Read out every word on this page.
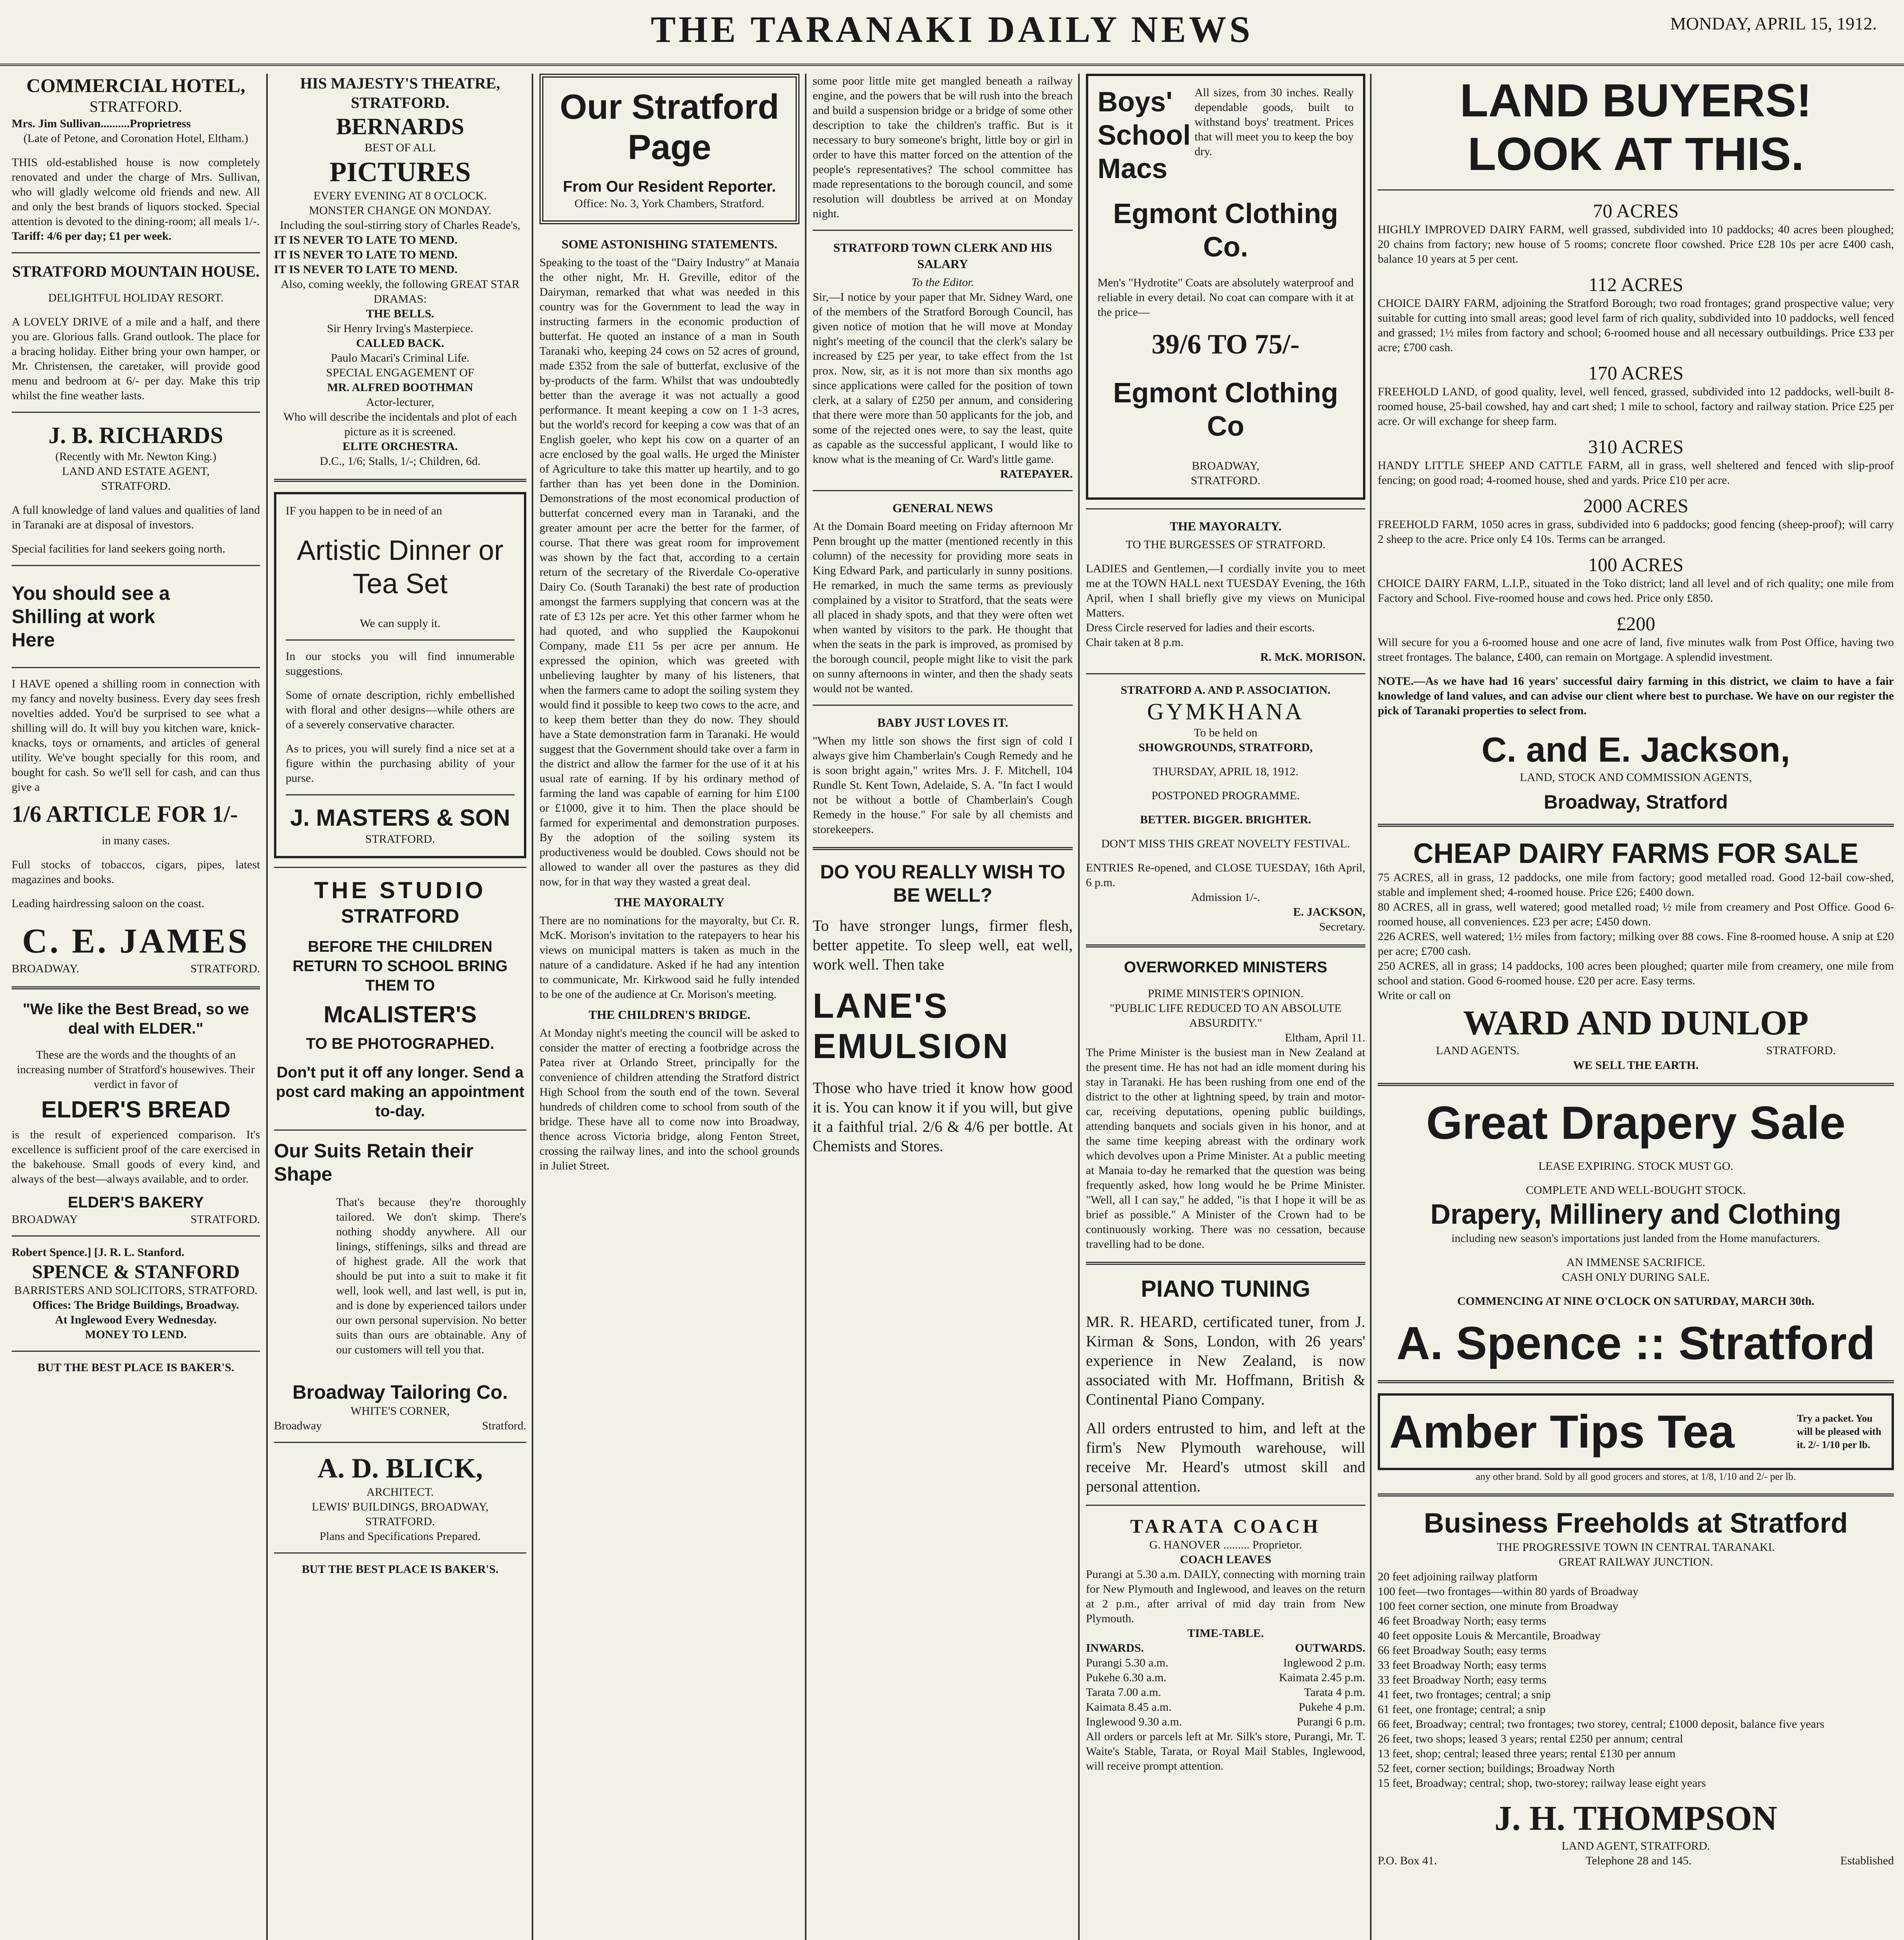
THE TARANAKI DAILY NEWS	MONDAY, APRIL 15, 1912.
COMMERCIAL HOTEL,
STRATFORD.
Mrs. Jim Sullivan..........Proprietress
(Late of Petone, and Coronation Hotel, Eltham.)

THIS old-established house is now completely renovated and under the charge of Mrs. Sullivan, who will gladly welcome old friends and new. All and only the best brands of liquors stocked. Special attention is devoted to the dining-room; all meals 1/-.

Tariff: 4/6 per day; £1 per week.

STRATFORD MOUNTAIN HOUSE.
DELIGHTFUL HOLIDAY RESORT.

A LOVELY DRIVE of a mile and a half, and there you are. Glorious falls. Grand outlook. The place for a bracing holiday. Either bring your own hamper, or Mr. Christensen, the caretaker, will provide good menu and bedroom at 6/- per day. Make this trip whilst the fine weather lasts.

J. B. RICHARDS
(Recently with Mr. Newton King.)
LAND AND ESTATE AGENT,
STRATFORD.

A full knowledge of land values and qualities of land in Taranaki are at disposal of investors.

Special facilities for land seekers going north.

You should see a Shilling at work Here

I HAVE opened a shilling room in connection with my fancy and novelty business. Every day sees fresh novelties added. You'd be surprised to see what a shilling will do. It will buy you kitchen ware, knick-knacks, toys or ornaments, and articles of general utility. We've bought specially for this room, and bought for cash. So we'll sell for cash, and can thus give a

1/6 ARTICLE FOR 1/-
in many cases.

Full stocks of tobaccos, cigars, pipes, latest magazines and books.

Leading hairdressing saloon on the coast.

C. E. JAMES
BROADWAY.	STRATFORD.
"We like the Best Bread, so we deal with ELDER."

These are the words and the thoughts of an increasing number of Stratford's housewives. Their verdict in favor of

ELDER'S BREAD

is the result of experienced comparison. It's excellence is sufficient proof of the care exercised in the bakehouse. Small goods of every kind, and always of the best—always available, and to order.

ELDER'S BAKERY
BROADWAY	STRATFORD.
Robert Spence.] [J. R. L. Stanford.
SPENCE & STANFORD
BARRISTERS AND SOLICITORS, STRATFORD.
Offices: The Bridge Buildings, Broadway.
At Inglewood Every Wednesday.
MONEY TO LEND.
BUT THE BEST PLACE IS BAKER'S.
HIS MAJESTY'S THEATRE, STRATFORD.
BERNARDS
BEST OF ALL
PICTURES
EVERY EVENING AT 8 O'CLOCK.
MONSTER CHANGE ON MONDAY.
Including the soul-stirring story of Charles Reade's,
IT IS NEVER TO LATE TO MEND.
IT IS NEVER TO LATE TO MEND.
IT IS NEVER TO LATE TO MEND.
Also, coming weekly, the following GREAT STAR DRAMAS:
THE BELLS.
Sir Henry Irving's Masterpiece.
CALLED BACK.
Paulo Macari's Criminal Life.
SPECIAL ENGAGEMENT OF
MR. ALFRED BOOTHMAN
Actor-lecturer,

Who will describe the incidentals and plot of each picture as it is screened.

ELITE ORCHESTRA.
D.C., 1/6; Stalls, 1/-; Children, 6d.
IF you happen to be in need of an
Artistic Dinner or Tea Set
We can supply it.

In our stocks you will find innumerable suggestions.

Some of ornate description, richly embellished with floral and other designs—while others are of a severely conservative character.

As to prices, you will surely find a nice set at a figure within the purchasing ability of your purse.

J. MASTERS & SON
STRATFORD.
THE STUDIO
STRATFORD
BEFORE THE CHILDREN RETURN TO SCHOOL BRING THEM TO
McALISTER'S
TO BE PHOTOGRAPHED.
Don't put it off any longer. Send a post card making an appointment to-day.
Our Suits Retain their Shape

That's because they're thoroughly tailored. We don't skimp. There's nothing shoddy anywhere. All our linings, stiffenings, silks and thread are of highest grade. All the work that should be put into a suit to make it fit well, look well, and last well, is put in, and is done by experienced tailors under our own personal supervision. No better suits than ours are obtainable. Any of our customers will tell you that.

Broadway Tailoring Co.
WHITE'S CORNER,
Broadway	Stratford.
A. D. BLICK,
ARCHITECT.
LEWIS' BUILDINGS, BROADWAY,
STRATFORD.
Plans and Specifications Prepared.
BUT THE BEST PLACE IS BAKER'S.
Our Stratford Page
From Our Resident Reporter.
Office: No. 3, York Chambers, Stratford.
SOME ASTONISHING STATEMENTS.

Speaking to the toast of the "Dairy Industry" at Manaia the other night, Mr. H. Greville, editor of the Dairyman, remarked that what was needed in this country was for the Government to lead the way in instructing farmers in the economic production of butterfat. He quoted an instance of a man in South Taranaki who, keeping 24 cows on 52 acres of ground, made £352 from the sale of butterfat, exclusive of the by-products of the farm. Whilst that was undoubtedly better than the average it was not actually a good performance. It meant keeping a cow on 1 1-3 acres, but the world's record for keeping a cow was that of an English goeler, who kept his cow on a quarter of an acre enclosed by the goal walls. He urged the Minister of Agriculture to take this matter up heartily, and to go farther than has yet been done in the Dominion. Demonstrations of the most economical production of butterfat concerned every man in Taranaki, and the greater amount per acre the better for the farmer, of course. That there was great room for improvement was shown by the fact that, according to a certain return of the secretary of the Riverdale Co-operative Dairy Co. (South Taranaki) the best rate of production amongst the farmers supplying that concern was at the rate of £3 12s per acre. Yet this other farmer whom he had quoted, and who supplied the Kaupokonui Company, made £11 5s per acre per annum. He expressed the opinion, which was greeted with unbelieving laughter by many of his listeners, that when the farmers came to adopt the soiling system they would find it possible to keep two cows to the acre, and to keep them better than they do now. They should have a State demonstration farm in Taranaki. He would suggest that the Government should take over a farm in the district and allow the farmer for the use of it at his usual rate of earning. If by his ordinary method of farming the land was capable of earning for him £100 or £1000, give it to him. Then the place should be farmed for experimental and demonstration purposes. By the adoption of the soiling system its productiveness would be doubled. Cows should not be allowed to wander all over the pastures as they did now, for in that way they wasted a great deal.

THE MAYORALTY

There are no nominations for the mayoralty, but Cr. R. McK. Morison's invitation to the ratepayers to hear his views on municipal matters is taken as much in the nature of a candidature. Asked if he had any intention to communicate, Mr. Kirkwood said he fully intended to be one of the audience at Cr. Morison's meeting.

THE CHILDREN'S BRIDGE.

At Monday night's meeting the council will be asked to consider the matter of erecting a footbridge across the Patea river at Orlando Street, principally for the convenience of children attending the Stratford district High School from the south end of the town. Several hundreds of children come to school from south of the bridge. These have all to come now into Broadway, thence across Victoria bridge, along Fenton Street, crossing the railway lines, and into the school grounds in Juliet Street.

some poor little mite get mangled beneath a railway engine, and the powers that be will rush into the breach and build a suspension bridge or a bridge of some other description to take the children's traffic. But is it necessary to bury someone's bright, little boy or girl in order to have this matter forced on the attention of the people's representatives? The school committee has made representations to the borough council, and some resolution will doubtless be arrived at on Monday night.

STRATFORD TOWN CLERK AND HIS SALARY
To the Editor.

Sir,—I notice by your paper that Mr. Sidney Ward, one of the members of the Stratford Borough Council, has given notice of motion that he will move at Monday night's meeting of the council that the clerk's salary be increased by £25 per year, to take effect from the 1st prox. Now, sir, as it is not more than six months ago since applications were called for the position of town clerk, at a salary of £250 per annum, and considering that there were more than 50 applicants for the job, and some of the rejected ones were, to say the least, quite as capable as the successful applicant, I would like to know what is the meaning of Cr. Ward's little game.

RATEPAYER.
GENERAL NEWS

At the Domain Board meeting on Friday afternoon Mr Penn brought up the matter (mentioned recently in this column) of the necessity for providing more seats in King Edward Park, and particularly in sunny positions. He remarked, in much the same terms as previously complained by a visitor to Stratford, that the seats were all placed in shady spots, and that they were often wet when wanted by visitors to the park. He thought that when the seats in the park is improved, as promised by the borough council, people might like to visit the park on sunny afternoons in winter, and then the shady seats would not be wanted.

BABY JUST LOVES IT.

"When my little son shows the first sign of cold I always give him Chamberlain's Cough Remedy and he is soon bright again," writes Mrs. J. F. Mitchell, 104 Rundle St. Kent Town, Adelaide, S. A. "In fact I would not be without a bottle of Chamberlain's Cough Remedy in the house." For sale by all chemists and storekeepers.

DO YOU REALLY WISH TO BE WELL?

To have stronger lungs, firmer flesh, better appetite. To sleep well, eat well, work well. Then take

LANE'S EMULSION

Those who have tried it know how good it is. You can know it if you will, but give it a faithful trial. 2/6 & 4/6 per bottle. At Chemists and Stores.

Boys'
School
Macs

All sizes, from 30 inches. Really dependable goods, built to withstand boys' treatment. Prices that will meet you to keep the boy dry.

Egmont Clothing Co.

Men's "Hydrotite" Coats are absolutely waterproof and reliable in every detail. No coat can compare with it at the price—

39/6 TO 75/-
Egmont Clothing Co
BROADWAY,
STRATFORD.
THE MAYORALTY.
TO THE BURGESSES OF STRATFORD.

LADIES and Gentlemen,—I cordially invite you to meet me at the TOWN HALL next TUESDAY Evening, the 16th April, when I shall briefly give my views on Municipal Matters.

Dress Circle reserved for ladies and their escorts.

Chair taken at 8 p.m.

R. McK. MORISON.
STRATFORD A. AND P. ASSOCIATION.
GYMKHANA
To be held on
SHOWGROUNDS, STRATFORD,
THURSDAY, APRIL 18, 1912.
POSTPONED PROGRAMME.
BETTER. BIGGER. BRIGHTER.
DON'T MISS THIS GREAT NOVELTY FESTIVAL.

ENTRIES Re-opened, and CLOSE TUESDAY, 16th April, 6 p.m.

Admission 1/-.
E. JACKSON,
Secretary.
OVERWORKED MINISTERS
PRIME MINISTER'S OPINION.
"PUBLIC LIFE REDUCED TO AN ABSOLUTE ABSURDITY."
Eltham, April 11.

The Prime Minister is the busiest man in New Zealand at the present time. He has not had an idle moment during his stay in Taranaki. He has been rushing from one end of the district to the other at lightning speed, by train and motor-car, receiving deputations, opening public buildings, attending banquets and socials given in his honor, and at the same time keeping abreast with the ordinary work which devolves upon a Prime Minister. At a public meeting at Manaia to-day he remarked that the question was being frequently asked, how long would he be Prime Minister. "Well, all I can say," he added, "is that I hope it will be as brief as possible." A Minister of the Crown had to be continuously working. There was no cessation, because travelling had to be done.

PIANO TUNING

MR. R. HEARD, certificated tuner, from J. Kirman & Sons, London, with 26 years' experience in New Zealand, is now associated with Mr. Hoffmann, British & Continental Piano Company.

All orders entrusted to him, and left at the firm's New Plymouth warehouse, will receive Mr. Heard's utmost skill and personal attention.

TARATA COACH
G. HANOVER ......... Proprietor.
COACH LEAVES

Purangi at 5.30 a.m. DAILY, connecting with morning train for New Plymouth and Inglewood, and leaves on the return at 2 p.m., after arrival of mid day train from New Plymouth.

TIME-TABLE.
INWARDS.	OUTWARDS.
Purangi 5.30 a.m.	Inglewood 2 p.m.
Pukehe 6.30 a.m.	Kaimata 2.45 p.m.
Tarata 7.00 a.m.	Tarata 4 p.m.
Kaimata 8.45 a.m.	Pukehe 4 p.m.
Inglewood 9.30 a.m.	Purangi 6 p.m.

All orders or parcels left at Mr. Silk's store, Purangi, Mr. T. Waite's Stable, Tarata, or Royal Mail Stables, Inglewood, will receive prompt attention.

LAND BUYERS!
LOOK AT THIS.
70 ACRES

HIGHLY IMPROVED DAIRY FARM, well grassed, subdivided into 10 paddocks; 40 acres been ploughed; 20 chains from factory; new house of 5 rooms; concrete floor cowshed. Price £28 10s per acre £400 cash, balance 10 years at 5 per cent.

112 ACRES

CHOICE DAIRY FARM, adjoining the Stratford Borough; two road frontages; grand prospective value; very suitable for cutting into small areas; good level farm of rich quality, subdivided into 10 paddocks, well fenced and grassed; 1½ miles from factory and school; 6-roomed house and all necessary outbuildings. Price £33 per acre; £700 cash.

170 ACRES

FREEHOLD LAND, of good quality, level, well fenced, grassed, subdivided into 12 paddocks, well-built 8-roomed house, 25-bail cowshed, hay and cart shed; 1 mile to school, factory and railway station. Price £25 per acre. Or will exchange for sheep farm.

310 ACRES

HANDY LITTLE SHEEP AND CATTLE FARM, all in grass, well sheltered and fenced with slip-proof fencing; on good road; 4-roomed house, shed and yards. Price £10 per acre.

2000 ACRES

FREEHOLD FARM, 1050 acres in grass, subdivided into 6 paddocks; good fencing (sheep-proof); will carry 2 sheep to the acre. Price only £4 10s. Terms can be arranged.

100 ACRES

CHOICE DAIRY FARM, L.I.P., situated in the Toko district; land all level and of rich quality; one mile from Factory and School. Five-roomed house and cows hed. Price only £850.

£200

Will secure for you a 6-roomed house and one acre of land, five minutes walk from Post Office, having two street frontages. The balance, £400, can remain on Mortgage. A splendid investment.

NOTE.—As we have had 16 years' successful dairy farming in this district, we claim to have a fair knowledge of land values, and can advise our client where best to purchase. We have on our register the pick of Taranaki properties to select from.

C. and E. Jackson,
LAND, STOCK AND COMMISSION AGENTS,
Broadway, Stratford
CHEAP DAIRY FARMS FOR SALE

75 ACRES, all in grass, 12 paddocks, one mile from factory; good metalled road. Good 12-bail cow-shed, stable and implement shed; 4-roomed house. Price £26; £400 down.

80 ACRES, all in grass, well watered; good metalled road; ½ mile from creamery and Post Office. Good 6-roomed house, all conveniences. £23 per acre; £450 down.

226 ACRES, well watered; 1½ miles from factory; milking over 88 cows. Fine 8-roomed house. A snip at £20 per acre; £700 cash.

250 ACRES, all in grass; 14 paddocks, 100 acres been ploughed; quarter mile from creamery, one mile from school and station. Good 6-roomed house. £20 per acre. Easy terms.

Write or call on
WARD AND DUNLOP
LAND AGENTS.	STRATFORD.
WE SELL THE EARTH.
Great Drapery Sale
LEASE EXPIRING. STOCK MUST GO.
COMPLETE AND WELL-BOUGHT STOCK.
Drapery, Millinery and Clothing
including new season's importations just landed from the Home manufacturers.
AN IMMENSE SACRIFICE.
CASH ONLY DURING SALE.
COMMENCING AT NINE O'CLOCK ON SATURDAY, MARCH 30th.
A. Spence :: Stratford
Amber Tips Tea	Try a packet. You will be pleased with it. 2/- 1/10 per lb.
any other brand. Sold by all good grocers and stores, at 1/8, 1/10 and 2/- per lb.
Business Freeholds at Stratford
THE PROGRESSIVE TOWN IN CENTRAL TARANAKI.
GREAT RAILWAY JUNCTION.
20 feet adjoining railway platform
100 feet—two frontages—within 80 yards of Broadway
100 feet corner section, one minute from Broadway
46 feet Broadway North; easy terms
40 feet opposite Louis & Mercantile, Broadway
66 feet Broadway South; easy terms
33 feet Broadway North; easy terms
33 feet Broadway North; easy terms
41 feet, two frontages; central; a snip
61 feet, one frontage; central; a snip
66 feet, Broadway; central; two frontages; two storey, central; £1000 deposit, balance five years
26 feet, two shops; leased 3 years; rental £250 per annum; central
13 feet, shop; central; leased three years; rental £130 per annum
52 feet, corner section; buildings; Broadway North
15 feet, Broadway; central; shop, two-storey; railway lease eight years
J. H. THOMPSON
LAND AGENT, STRATFORD.
P.O. Box 41.	Telephone 28 and 145.	Established
